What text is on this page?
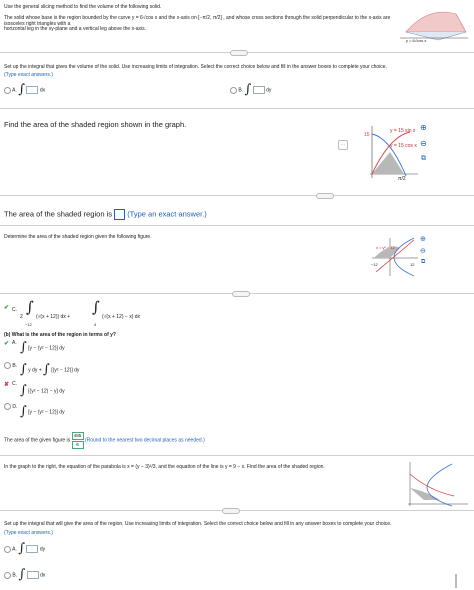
Use the general slicing method to find the volume of the following solid.
The solid whose base is the region bounded by the curve y = 6√cos x and the x-axis on [−π/2, π/2] , and whose cross sections through the solid perpendicular to the x-axis are isosceles right triangles with a
horizontal leg in the xy-plane and a vertical leg above the x-axis.
y = 6√cos x
Set up the integral that gives the volume of the solid. Use increasing limits of integration. Select the correct choice below and fill in the answer boxes to complete your choice.
(Type exact answers.)
A. ∫	dx	B. ∫	dy
Find the area of the shaded region shown in the graph.
⋯
15
y = 15 sin x
y = 15 cos x
π/2
⊕
⊖
⧉
The area of the shaded region is (Type an exact answer.)
Determine the area of the shaded region given the following figure.
x = y² − 12
−12	12
⊕
⊖
⧉
✔ C.
2
∫
−12
(√(x + 12)) dx +
∫
4
(√(x + 12) − x) dx
(b) What is the area of the region in terms of y?
✔ A. ∫ [y − (y² − 12)] dy
B. ∫ y dy + ∫ [(y² − 12)] dy
✘ C. ∫ [(y² − 12) − y] dy
D. ∫ [y − (y² − 12)] dy
The area of the given figure is $\frac{485}{6}$ (Round to the nearest two decimal places as needed.)
In the graph to the right, the equation of the parabola is x = (y − 3)²/3, and the equation of the line is y = 9 − x. Find the area of the shaded region.
Set up the integral that will give the area of the region. Use increasing limits of integration. Select the correct choice below and fill in any answer boxes to complete your choice.
(Type exact answers.)
A. ∫	dy
B. ∫	dx
